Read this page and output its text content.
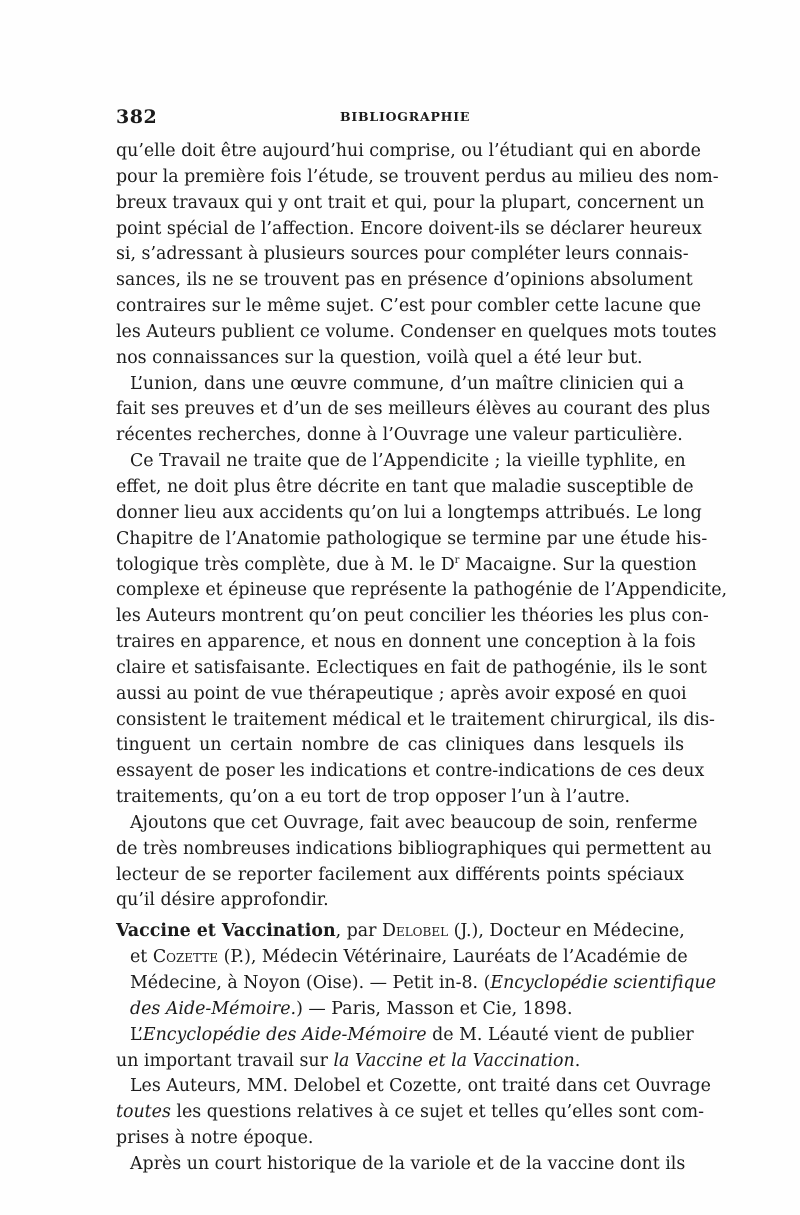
382	BIBLIOGRAPHIE
qu’elle doit être aujourd’hui comprise, ou l’étudiant qui en aborde
pour la première fois l’étude, se trouvent perdus au milieu des nom-
breux travaux qui y ont trait et qui, pour la plupart, concernent un
point spécial de l’affection. Encore doivent-ils se déclarer heureux
si, s’adressant à plusieurs sources pour compléter leurs connais-
sances, ils ne se trouvent pas en présence d’opinions absolument
contraires sur le même sujet. C’est pour combler cette lacune que
les Auteurs publient ce volume. Condenser en quelques mots toutes
nos connaissances sur la question, voilà quel a été leur but.
L’union, dans une œuvre commune, d’un maître clinicien qui a
fait ses preuves et d’un de ses meilleurs élèves au courant des plus
récentes recherches, donne à l’Ouvrage une valeur particulière.
Ce Travail ne traite que de l’Appendicite ; la vieille typhlite, en
effet, ne doit plus être décrite en tant que maladie susceptible de
donner lieu aux accidents qu’on lui a longtemps attribués. Le long
Chapitre de l’Anatomie pathologique se termine par une étude his-
tologique très complète, due à M. le $D^r$ Macaigne. Sur la question
complexe et épineuse que représente la pathogénie de l’Appendicite,
les Auteurs montrent qu’on peut concilier les théories les plus con-
traires en apparence, et nous en donnent une conception à la fois
claire et satisfaisante. Eclectiques en fait de pathogénie, ils le sont
aussi au point de vue thérapeutique ; après avoir exposé en quoi
consistent le traitement médical et le traitement chirurgical, ils dis-
tinguent un certain nombre de cas cliniques dans lesquels ils
essayent de poser les indications et contre-indications de ces deux
traitements, qu’on a eu tort de trop opposer l’un à l’autre.
Ajoutons que cet Ouvrage, fait avec beaucoup de soin, renferme
de très nombreuses indications bibliographiques qui permettent au
lecteur de se reporter facilement aux différents points spéciaux
qu’il désire approfondir.
Vaccine et Vaccination, par Delobel (J.), Docteur en Médecine,
et Cozette (P.), Médecin Vétérinaire, Lauréats de l’Académie de
Médecine, à Noyon (Oise). — Petit in-8. (Encyclopédie scientifique
des Aide-Mémoire.) — Paris, Masson et Cie, 1898.
L’Encyclopédie des Aide-Mémoire de M. Léauté vient de publier
un important travail sur la Vaccine et la Vaccination.
Les Auteurs, MM. Delobel et Cozette, ont traité dans cet Ouvrage
toutes les questions relatives à ce sujet et telles qu’elles sont com-
prises à notre époque.
Après un court historique de la variole et de la vaccine dont ils
